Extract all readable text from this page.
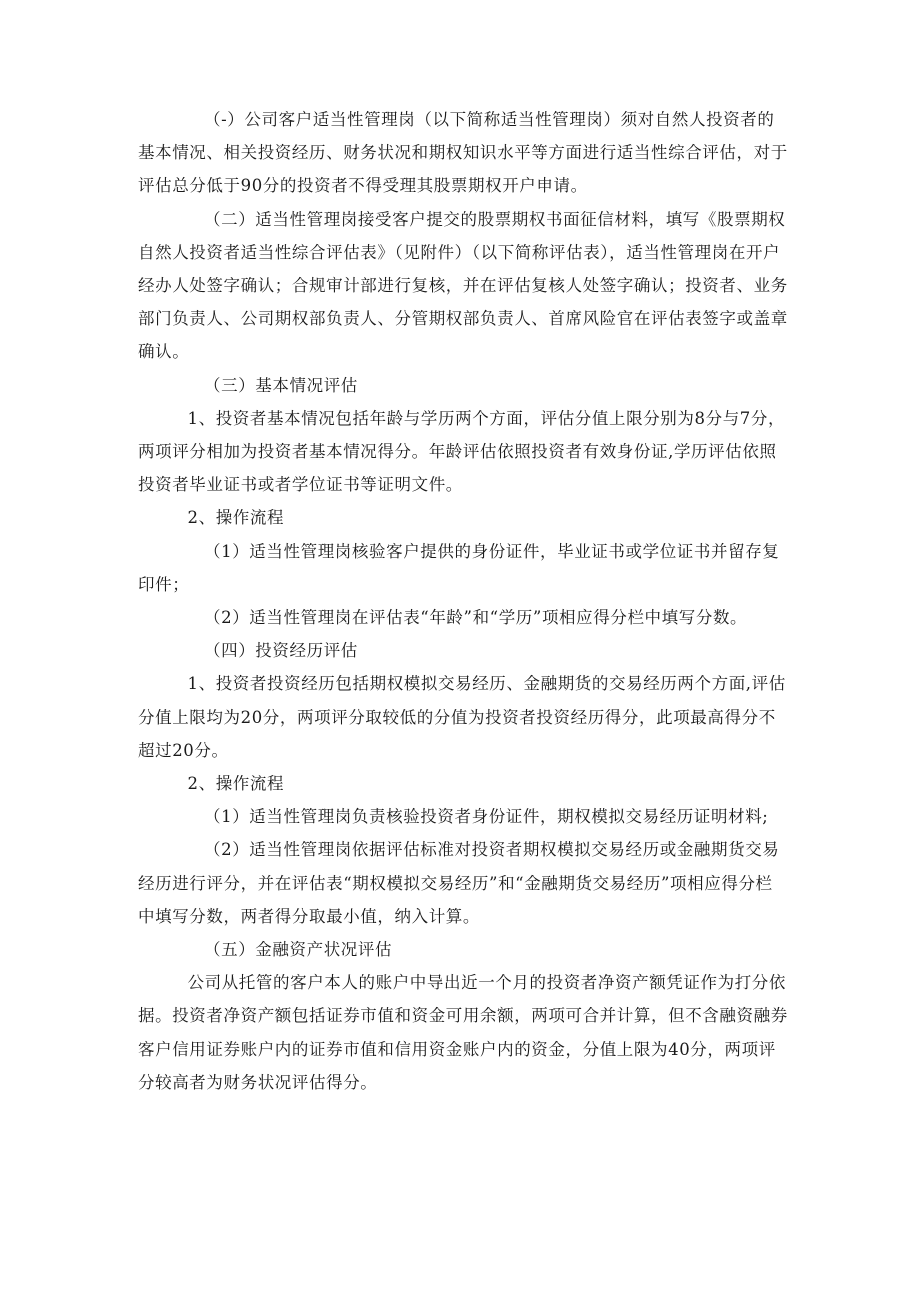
（-）公司客户适当性管理岗（以下简称适当性管理岗）须对自然人投资者的基本情况、相关投资经历、财务状况和期权知识水平等方面进行适当性综合评估，对于评估总分低于90分的投资者不得受理其股票期权开户申请。

（二）适当性管理岗接受客户提交的股票期权书面征信材料，填写《股票期权自然人投资者适当性综合评估表》（见附件）（以下简称评估表），适当性管理岗在开户经办人处签字确认；合规审计部进行复核，并在评估复核人处签字确认；投资者、业务部门负责人、公司期权部负责人、分管期权部负责人、首席风险官在评估表签字或盖章确认。

（三）基本情况评估

1、投资者基本情况包括年龄与学历两个方面，评估分值上限分别为8分与7分，两项评分相加为投资者基本情况得分。年龄评估依照投资者有效身份证,学历评估依照投资者毕业证书或者学位证书等证明文件。

2、操作流程

（1）适当性管理岗核验客户提供的身份证件，毕业证书或学位证书并留存复印件；

（2）适当性管理岗在评估表“年龄”和“学历”项相应得分栏中填写分数。

（四）投资经历评估

1、投资者投资经历包括期权模拟交易经历、金融期货的交易经历两个方面,评估分值上限均为20分，两项评分取较低的分值为投资者投资经历得分，此项最高得分不超过20分。

2、操作流程

（1）适当性管理岗负责核验投资者身份证件，期权模拟交易经历证明材料;

（2）适当性管理岗依据评估标准对投资者期权模拟交易经历或金融期货交易经历进行评分，并在评估表“期权模拟交易经历”和“金融期货交易经历”项相应得分栏中填写分数，两者得分取最小值，纳入计算。

（五）金融资产状况评估

公司从托管的客户本人的账户中导出近一个月的投资者净资产额凭证作为打分依据。投资者净资产额包括证券市值和资金可用余额，两项可合并计算，但不含融资融券客户信用证券账户内的证券市值和信用资金账户内的资金，分值上限为40分，两项评分较高者为财务状况评估得分。
